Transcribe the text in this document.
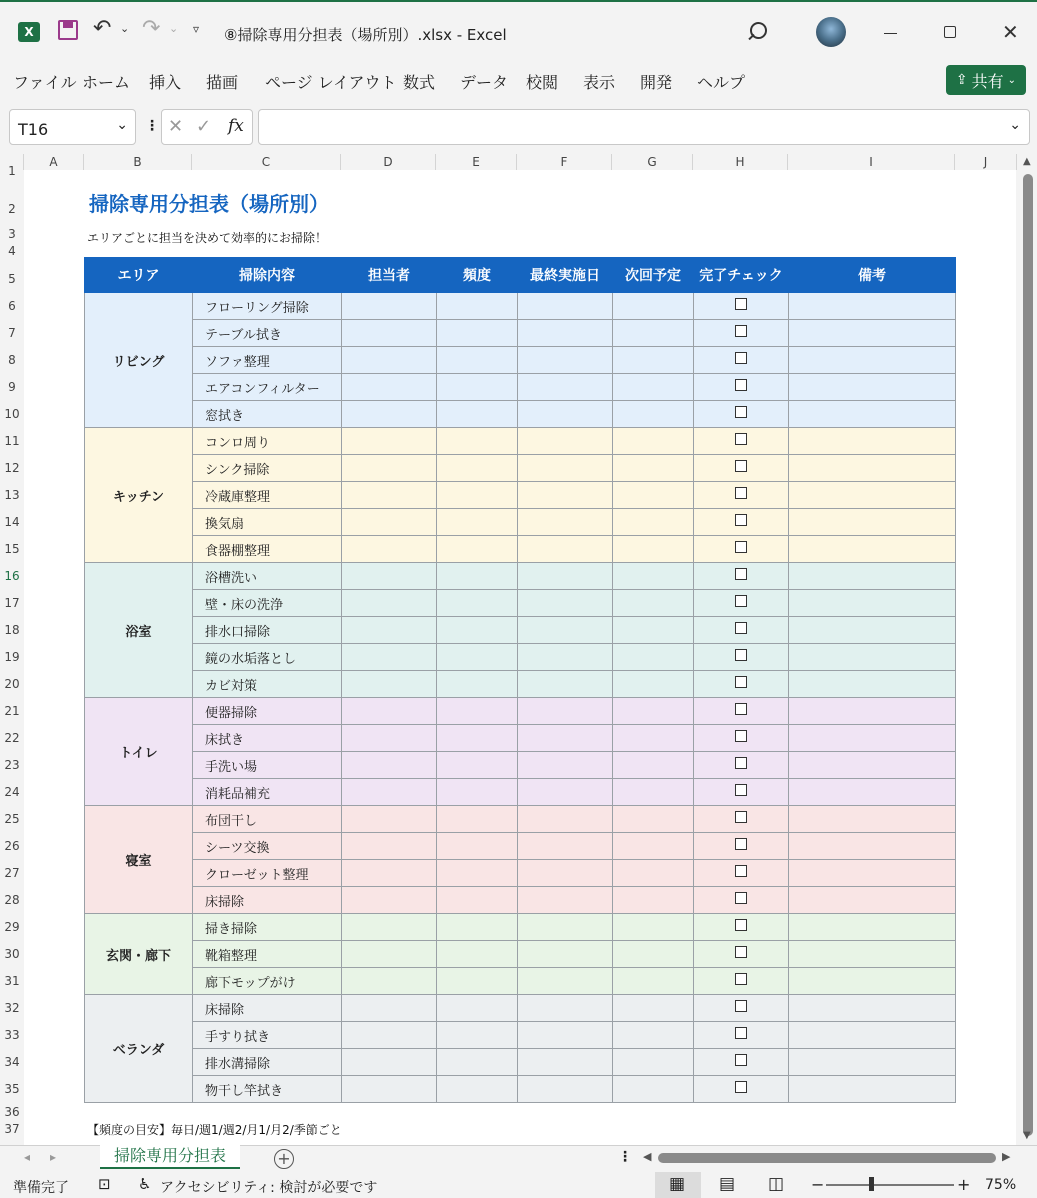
X	↶ ⌄ ↷ ⌄ ▿ ⑧掃除専用分担表（場所別）.xlsx - Excel	✕
ファイル ホーム 挿入 描画 ページ レイアウト 数式 データ 校閲 表示 開発 ヘルプ	⇪ 共有 ⌄
T16	⌄ ⋮ ✕ ✓ fx	⌄
A	B	C	D	E	F	G	H	I	J
1
2
3
4
5
6
7
8
9
10
11
12
13
14
15
16
17
18
19
20
21
22
23
24
25
26
27
28
29
30
31
32
33
34
35
36
37
掃除専用分担表（場所別）
エリアごとに担当を決めて効率的にお掃除！
エリア	掃除内容	担当者	頻度	最終実施日	次回予定	完了チェック	備考
リビング	フローリング掃除						
	テーブル拭き						
	ソファ整理						
	エアコンフィルター						
	窓拭き						
キッチン	コンロ周り						
	シンク掃除						
	冷蔵庫整理						
	換気扇						
	食器棚整理						
浴室	浴槽洗い						
	壁・床の洗浄						
	排水口掃除						
	鏡の水垢落とし						
	カビ対策						
トイレ	便器掃除						
	床拭き						
	手洗い場						
	消耗品補充						
寝室	布団干し						
	シーツ交換						
	クローゼット整理						
	床掃除						
玄関・廊下	掃き掃除						
	靴箱整理						
	廊下モップがけ						
ベランダ	床掃除						
	手すり拭き						
	排水溝掃除						
	物干し竿拭き						
【頻度の目安】毎日/週1/週2/月1/月2/季節ごと
▲
▼
◂ ▸	掃除専用分担表	+	⋮ ◀	▶
準備完了 ⊡ ♿ アクセシビリティ: 検討が必要です	▦ ▤ ◫ −	+ 75%
